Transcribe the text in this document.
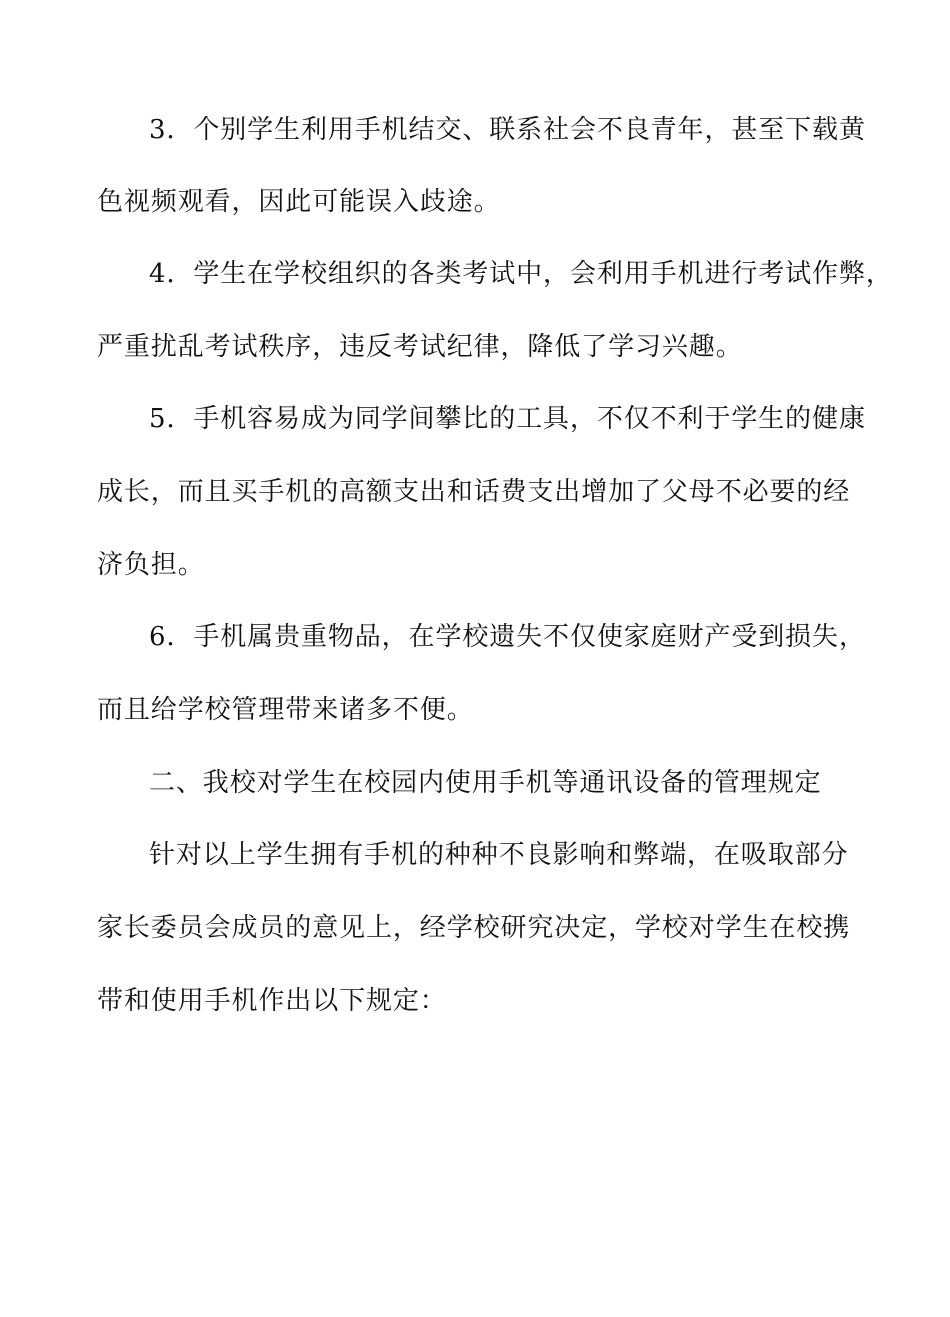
3．个别学生利用手机结交、联系社会不良青年，甚至下载黄
色视频观看，因此可能误入歧途。
4．学生在学校组织的各类考试中，会利用手机进行考试作弊，
严重扰乱考试秩序，违反考试纪律，降低了学习兴趣。
5．手机容易成为同学间攀比的工具，不仅不利于学生的健康
成长，而且买手机的高额支出和话费支出增加了父母不必要的经
济负担。
6．手机属贵重物品，在学校遗失不仅使家庭财产受到损失，
而且给学校管理带来诸多不便。
二、我校对学生在校园内使用手机等通讯设备的管理规定
针对以上学生拥有手机的种种不良影响和弊端，在吸取部分
家长委员会成员的意见上，经学校研究决定，学校对学生在校携
带和使用手机作出以下规定：
